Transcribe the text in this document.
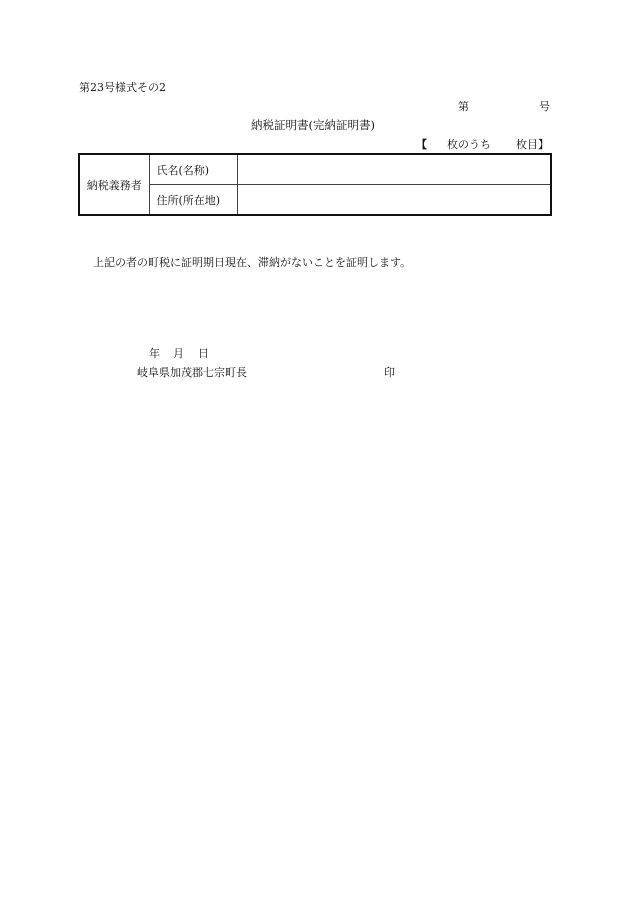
第23号様式その2
第	号
納税証明書(完納証明書)
【 枚のうち 枚目】
納税義務者	氏名(名称)	
	住所(所在地)	
上記の者の町税に証明期日現在、滞納がないことを証明します。
年 月 日
岐阜県加茂郡七宗町長	印
